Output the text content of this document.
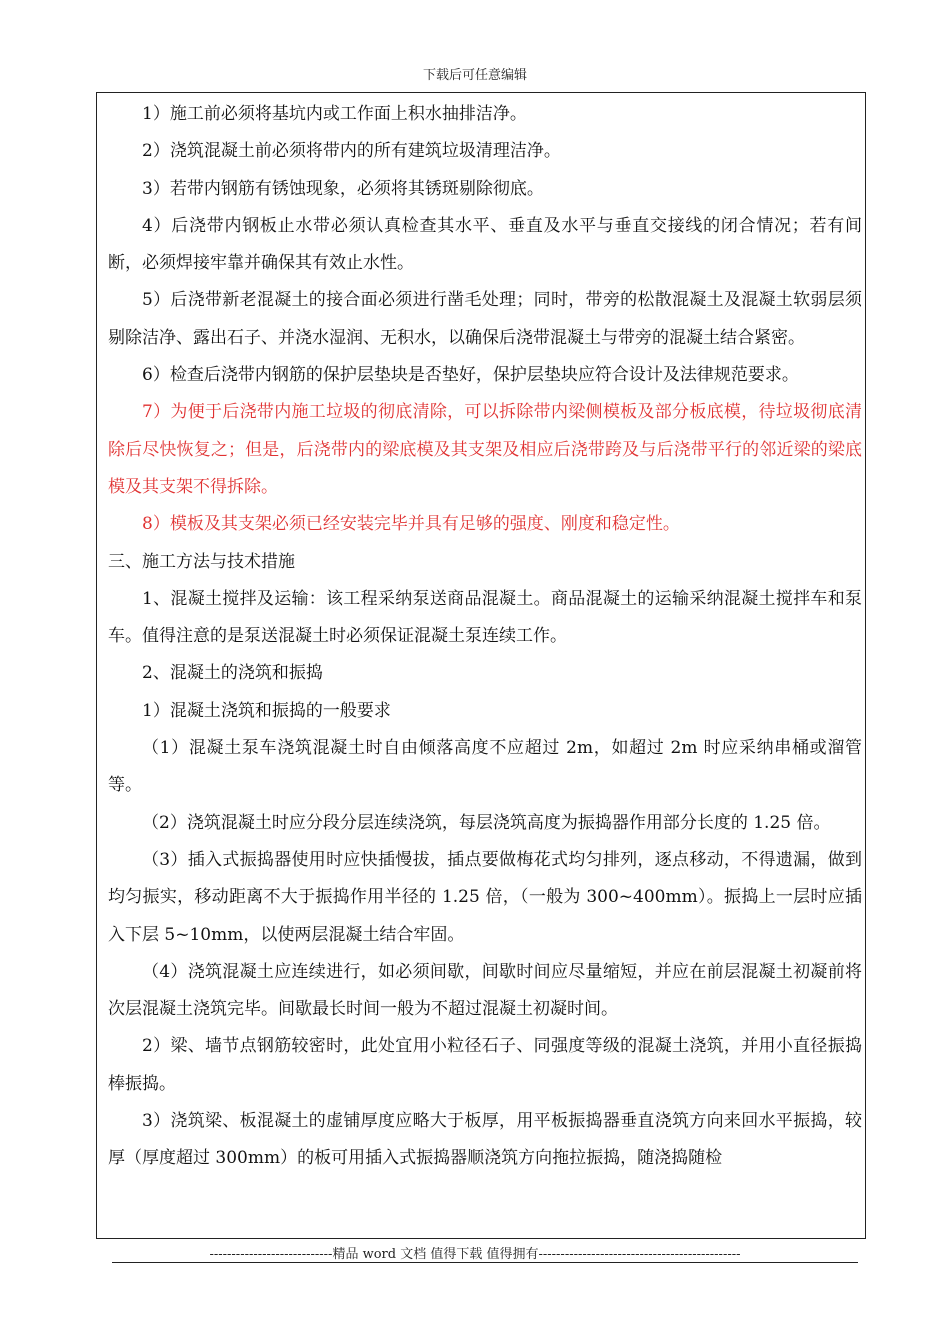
下载后可任意编辑

1）施工前必须将基坑内或工作面上积水抽排洁净。

2）浇筑混凝土前必须将带内的所有建筑垃圾清理洁净。

3）若带内钢筋有锈蚀现象，必须将其锈斑剔除彻底。

4）后浇带内钢板止水带必须认真检查其水平、垂直及水平与垂直交接线的闭合情况；若有间断，必须焊接牢靠并确保其有效止水性。

5）后浇带新老混凝土的接合面必须进行凿毛处理；同时，带旁的松散混凝土及混凝土软弱层须剔除洁净、露出石子、并浇水湿润、无积水，以确保后浇带混凝土与带旁的混凝土结合紧密。

6）检查后浇带内钢筋的保护层垫块是否垫好，保护层垫块应符合设计及法律规范要求。

7）为便于后浇带内施工垃圾的彻底清除，可以拆除带内梁侧模板及部分板底模，待垃圾彻底清除后尽快恢复之；但是，后浇带内的梁底模及其支架及相应后浇带跨及与后浇带平行的邻近梁的梁底模及其支架不得拆除。

8）模板及其支架必须已经安装完毕并具有足够的强度、刚度和稳定性。

三、施工方法与技术措施

1、混凝土搅拌及运输：该工程采纳泵送商品混凝土。商品混凝土的运输采纳混凝土搅拌车和泵车。值得注意的是泵送混凝土时必须保证混凝土泵连续工作。

2、混凝土的浇筑和振捣

1）混凝土浇筑和振捣的一般要求

（1）混凝土泵车浇筑混凝土时自由倾落高度不应超过 2m，如超过 2m 时应采纳串桶或溜管等。

（2）浇筑混凝土时应分段分层连续浇筑，每层浇筑高度为振捣器作用部分长度的 1.25 倍。

（3）插入式振捣器使用时应快插慢拔，插点要做梅花式均匀排列，逐点移动，不得遗漏，做到均匀振实，移动距离不大于振捣作用半径的 1.25 倍，（一般为 300~400mm）。振捣上一层时应插入下层 5~10mm，以使两层混凝土结合牢固。

（4）浇筑混凝土应连续进行，如必须间歇，间歇时间应尽量缩短，并应在前层混凝土初凝前将次层混凝土浇筑完毕。间歇最长时间一般为不超过混凝土初凝时间。

2）梁、墙节点钢筋较密时，此处宜用小粒径石子、同强度等级的混凝土浇筑，并用小直径振捣棒振捣。

3）浇筑梁、板混凝土的虚铺厚度应略大于板厚，用平板振捣器垂直浇筑方向来回水平振捣，较厚（厚度超过 300mm）的板可用插入式振捣器顺浇筑方向拖拉振捣，随浇捣随检

----------------------------精品 word 文档 值得下载 值得拥有----------------------------------------------
